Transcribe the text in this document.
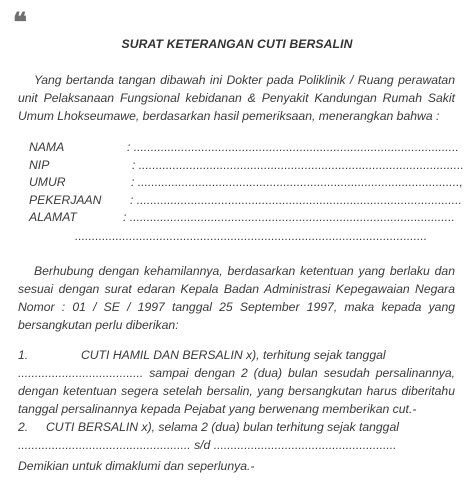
❝
SURAT KETERANGAN CUTI BERSALIN

Yang bertanda tangan dibawah ini Dokter pada Poliklinik / Ruang perawatan unit Pelaksanaan Fungsional kebidanan & Penyakit Kandungan Rumah Sakit Umum Lhokseumawe, berdasarkan hasil pemeriksaan, menerangkan bahwa :

NAMA	: ................................................................................................
NIP	: ................................................................................................
UMUR	: ...............................................................................................,
PEKERJAAN : ................................................................................................
ALAMAT	: ................................................................................................
........................................................................................................

Berhubung dengan kehamilannya, berdasarkan ketentuan yang berlaku dan sesuai dengan surat edaran Kepala Badan Administrasi Kepegawaian Negara Nomor : 01 / SE / 1997 tanggal 25 September 1997, maka kepada yang bersangkutan perlu diberikan:

1.	CUTI HAMIL DAN BERSALIN x), terhitung sejak tanggal
..................................... sampai dengan 2 (dua) bulan sesudah persalinannya, dengan ketentuan segera setelah bersalin, yang bersangkutan harus diberitahu tanggal persalinannya kepada Pejabat yang berwenang memberikan cut.-
2.	CUTI BERSALIN x), selama 2 (dua) bulan terhitung sejak tanggal
................................................... s/d ......................................................

Demikian untuk dimaklumi dan seperlunya.-
